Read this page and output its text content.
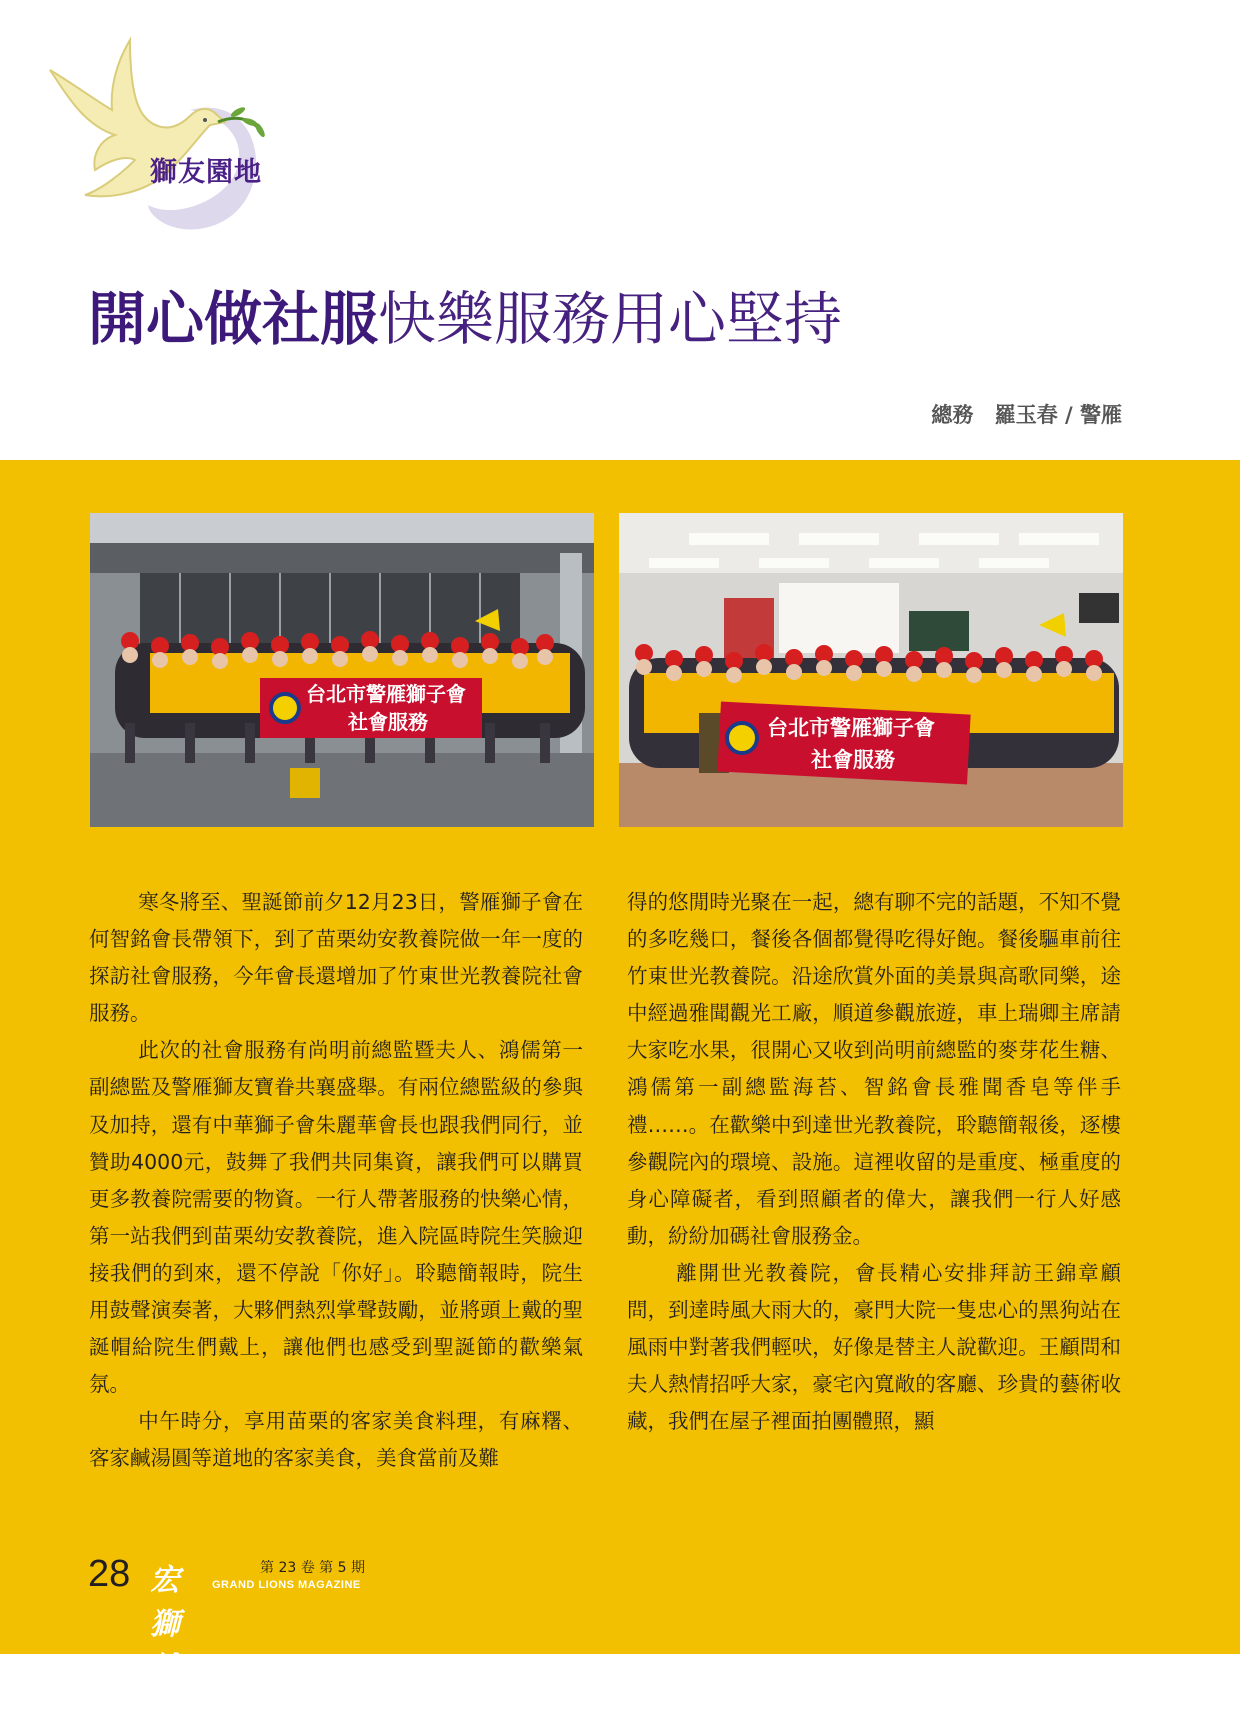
獅友園地
開心做社服快樂服務用心堅持
總務 羅玉春 / 警雁
台北市警雁獅子會
社會服務	台北市警雁獅子會
社會服務

寒冬將至、聖誕節前夕12月23日，警雁獅子會在何智銘會長帶領下，到了苗栗幼安教養院做一年一度的探訪社會服務，今年會長還增加了竹東世光教養院社會服務。

此次的社會服務有尚明前總監暨夫人、鴻儒第一副總監及警雁獅友寶眷共襄盛舉。有兩位總監級的參與及加持，還有中華獅子會朱麗華會長也跟我們同行，並贊助4000元，鼓舞了我們共同集資，讓我們可以購買更多教養院需要的物資。一行人帶著服務的快樂心情，第一站我們到苗栗幼安教養院，進入院區時院生笑臉迎接我們的到來，還不停說「你好」。聆聽簡報時，院生用鼓聲演奏著，大夥們熱烈掌聲鼓勵，並將頭上戴的聖誕帽給院生們戴上，讓他們也感受到聖誕節的歡樂氣氛。

中午時分，享用苗栗的客家美食料理，有麻糬、客家鹹湯圓等道地的客家美食，美食當前及難

得的悠閒時光聚在一起，總有聊不完的話題，不知不覺的多吃幾口，餐後各個都覺得吃得好飽。餐後驅車前往竹東世光教養院。沿途欣賞外面的美景與高歌同樂，途中經過雅聞觀光工廠，順道參觀旅遊，車上瑞卿主席請大家吃水果，很開心又收到尚明前總監的麥芽花生糖、鴻儒第一副總監海苔、智銘會長雅聞香皂等伴手禮……。在歡樂中到達世光教養院，聆聽簡報後，逐樓參觀院內的環境、設施。這裡收留的是重度、極重度的身心障礙者，看到照顧者的偉大，讓我們一行人好感動，紛紛加碼社會服務金。

離開世光教養院，會長精心安排拜訪王錦章顧問，到達時風大雨大的，豪門大院一隻忠心的黑狗站在風雨中對著我們輕吠，好像是替主人說歡迎。王顧問和夫人熱情招呼大家，豪宅內寬敞的客廳、珍貴的藝術收藏，我們在屋子裡面拍團體照，顯

28 宏獅雜誌
第 23 卷 第 5 期
GRAND LIONS MAGAZINE
